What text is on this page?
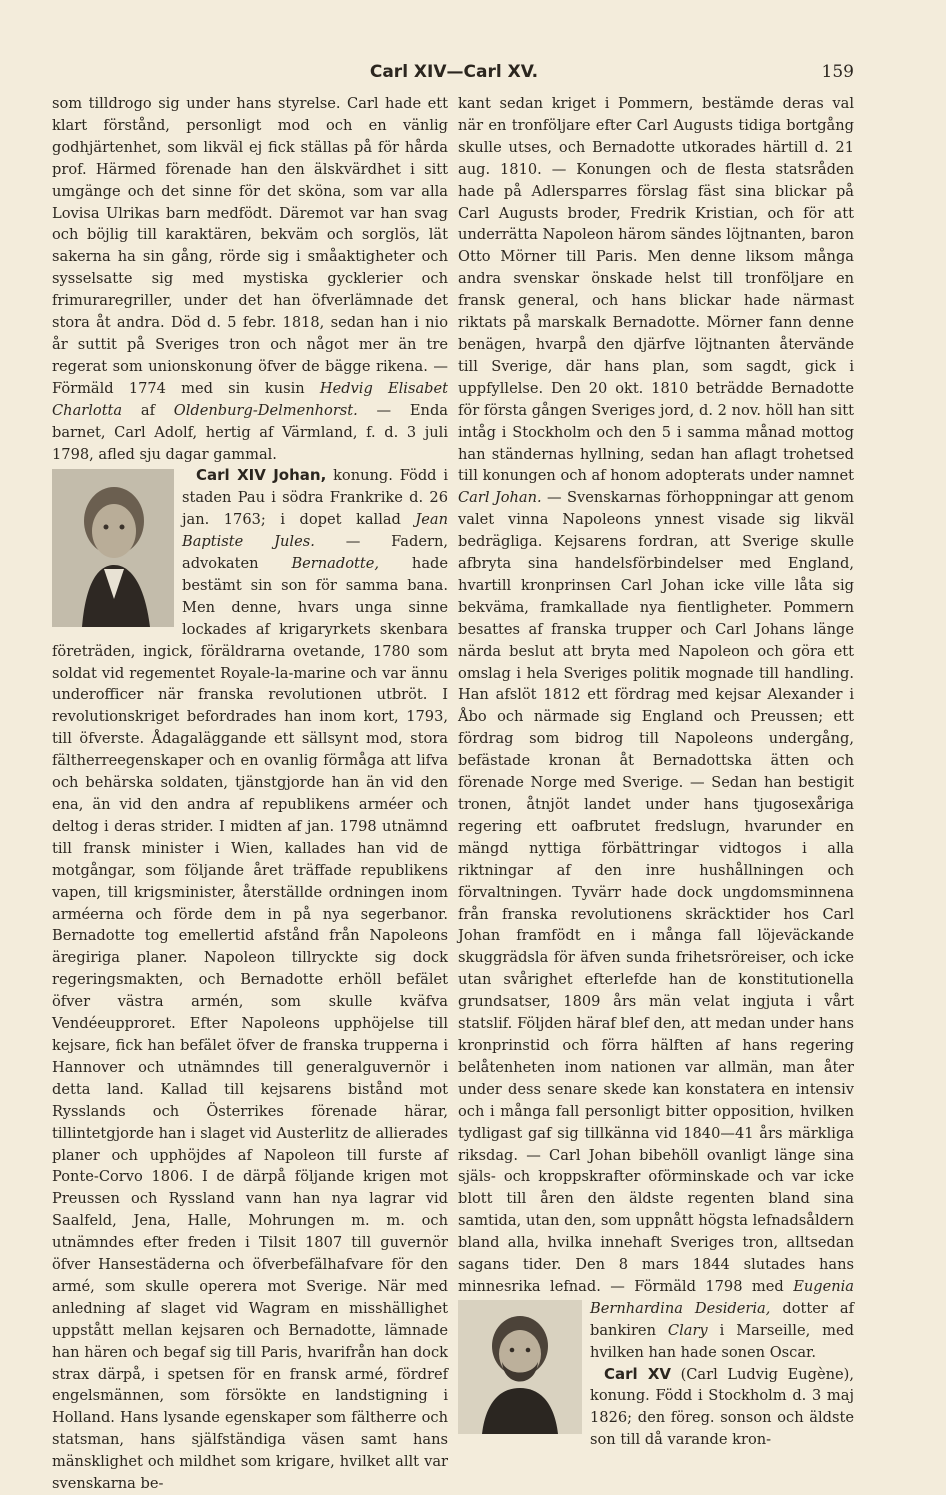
Carl XIV—Carl XV.	159

som tilldrogo sig under hans styrelse. Carl hade ett klart förstånd, personligt mod och en vänlig godhjärtenhet, som likväl ej fick ställas på för hårda prof. Härmed förenade han den älskvärdhet i sitt umgänge och det sinne för det sköna, som var alla Lovisa Ulrikas barn medfödt. Däremot var han svag och böjlig till karaktären, bekväm och sorglös, lät sakerna ha sin gång, rörde sig i småaktigheter och sysselsatte sig med mystiska gycklerier och frimuraregriller, under det han öfverlämnade det stora åt andra. Död d. 5 febr. 1818, sedan han i nio år suttit på Sveriges tron och något mer än tre regerat som unionskonung öfver de bägge rikena. — Förmäld 1774 med sin kusin Hedvig Elisabet Charlotta af Oldenburg-Delmenhorst. — Enda barnet, Carl Adolf, hertig af Värmland, f. d. 3 juli 1798, afled sju dagar gammal.

Carl XIV Johan,
konung. Född i staden Pau i södra Frankrike d. 26 jan. 1763; i dopet kallad Jean Baptiste Jules. — Fadern, advokaten Bernadotte, hade bestämt sin son för samma bana. Men denne, hvars unga sinne lockades af krigaryrkets skenbara företräden, ingick, föräldrarna ovetande, 1780 som soldat vid regementet Royale-la-marine och var ännu underofficer när franska revolutionen utbröt. I revolutionskriget befordrades han inom kort, 1793, till öfverste. Ådagaläggande ett sällsynt mod, stora fältherreegenskaper och en ovanlig förmåga att lifva och behärska soldaten, tjänstgjorde han än vid den ena, än vid den andra af republikens arméer och deltog i deras strider. I midten af jan. 1798 utnämnd till fransk minister i Wien, kallades han vid de motgångar, som följande året träffade republikens vapen, till krigsminister, återställde ordningen inom arméerna och förde dem in på nya segerbanor. Bernadotte tog emellertid afstånd från Napoleons äregiriga planer. Napoleon tillryckte sig dock regeringsmakten, och Bernadotte erhöll befälet öfver västra armén, som skulle kväfva Vendéeupproret. Efter Napoleons upphöjelse till kejsare, fick han befälet öfver de franska trupperna i Hannover och utnämndes till generalguvernör i detta land. Kallad till kejsarens bistånd mot Rysslands och Österrikes förenade härar, tillintetgjorde han i slaget vid Austerlitz de allierades planer och upphöjdes af Napoleon till furste af Ponte-Corvo 1806. I de därpå följande krigen mot Preussen och Ryssland vann han nya lagrar vid Saalfeld, Jena, Halle, Mohrungen m. m. och utnämndes efter freden i Tilsit 1807 till guvernör öfver Hansestäderna och öfverbefälhafvare för den armé, som skulle operera mot Sverige. När med anledning af slaget vid Wagram en misshällighet uppstått mellan kejsaren och Bernadotte, lämnade han hären och begaf sig till Paris, hvarifrån han dock strax därpå, i spetsen för en fransk armé, fördref engelsmännen, som försökte en landstigning i Holland. Hans lysande egenskaper som fältherre och statsman, hans själfständiga väsen samt hans mänsklighet och mildhet som krigare, hvilket allt var svenskarna be-

kant sedan kriget i Pommern, bestämde deras val när en tronföljare efter Carl Augusts tidiga bortgång skulle utses, och Bernadotte utkorades härtill d. 21 aug. 1810. — Konungen och de flesta statsråden hade på Adlersparres förslag fäst sina blickar på Carl Augusts broder, Fredrik Kristian, och för att underrätta Napoleon härom sändes löjtnanten, baron Otto Mörner till Paris. Men denne liksom många andra svenskar önskade helst till tronföljare en fransk general, och hans blickar hade närmast riktats på marskalk Bernadotte. Mörner fann denne benägen, hvarpå den djärfve löjtnanten återvände till Sverige, där hans plan, som sagdt, gick i uppfyllelse. Den 20 okt. 1810 beträdde Bernadotte för första gången Sveriges jord, d. 2 nov. höll han sitt intåg i Stockholm och den 5 i samma månad mottog han ständernas hyllning, sedan han aflagt trohetsed till konungen och af honom adopterats under namnet Carl Johan. — Svenskarnas förhoppningar att genom valet vinna Napoleons ynnest visade sig likväl bedrägliga. Kejsarens fordran, att Sverige skulle afbryta sina handelsförbindelser med England, hvartill kronprinsen Carl Johan icke ville låta sig bekväma, framkallade nya fientligheter. Pommern besattes af franska trupper och Carl Johans länge närda beslut att bryta med Napoleon och göra ett omslag i hela Sveriges politik mognade till handling. Han afslöt 1812 ett fördrag med kejsar Alexander i Åbo och närmade sig England och Preussen; ett fördrag som bidrog till Napoleons undergång, befästade kronan åt Bernadottska ätten och förenade Norge med Sverige. — Sedan han bestigit tronen, åtnjöt landet under hans tjugosexåriga regering ett oafbrutet fredslugn, hvarunder en mängd nyttiga förbättringar vidtogos i alla riktningar af den inre hushållningen och förvaltningen. Tyvärr hade dock ungdomsminnena från franska revolutionens skräcktider hos Carl Johan framfödt en i många fall löjeväckande skuggrädsla för äfven sunda frihetsröreiser, och icke utan svårighet efterlefde han de konstitutionella grundsatser, 1809 års män velat ingjuta i vårt statslif. Följden häraf blef den, att medan under hans kronprinstid och förra hälften af hans regering belåtenheten inom nationen var allmän, man åter under dess senare skede kan konstatera en intensiv och i många fall personligt bitter opposition, hvilken tydligast gaf sig tillkänna vid 1840—41 års märkliga riksdag. — Carl Johan bibehöll ovanligt länge sina själs- och kroppskrafter oförminskade och var icke blott till åren den äldste regenten bland sina samtida, utan den, som uppnått högsta lefnadsåldern bland alla, hvilka innehaft Sveriges tron, alltsedan sagans tider. Den 8 mars 1844 slutades hans minnesrika lefnad. — Förmäld 1798 med
Eugenia Bernhardina Desideria, dotter af bankiren Clary i Marseille, med hvilken han hade sonen Oscar.

Carl XV (Carl Ludvig Eugène), konung. Född i Stockholm d. 3 maj 1826; den föreg. sonson och äldste son till då varande kron-
